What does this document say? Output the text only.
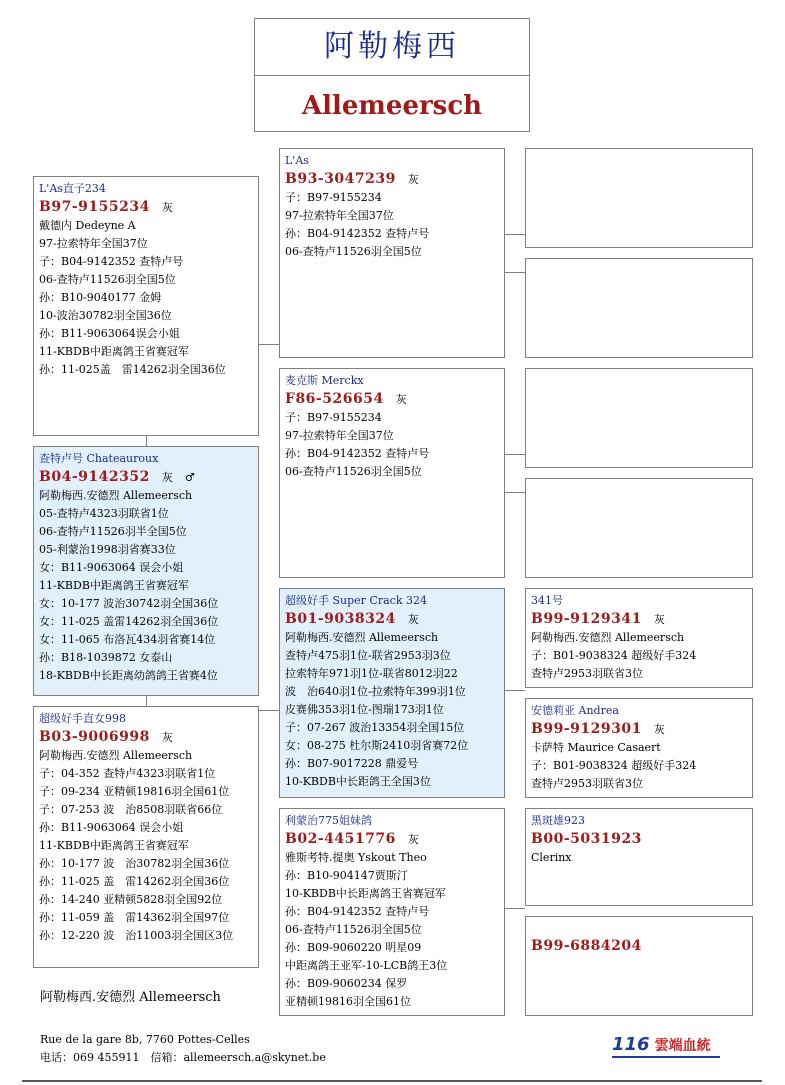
阿勒梅西
Allemeersch
L'As直子234
B97-9155234 灰
戴德内 Dedeyne A
97-拉索特年全国37位
子：B04-9142352 查特卢号
06-查特卢11526羽全国5位
孙：B10-9040177 金姆
10-波治30782羽全国36位
孙：B11-9063064误会小姐
11-KBDB中距离鸽王省赛冠军
孙：11-025盖　雷14262羽全国36位
查特卢号 Chateauroux
B04-9142352 灰 ♂
阿勒梅西.安德烈 Allemeersch
05-查特卢4323羽联省1位
06-查特卢11526羽半全国5位
05-利蒙治1998羽省赛33位
女：B11-9063064 误会小姐
11-KBDB中距离鸽王省赛冠军
女：10-177 波治30742羽全国36位
女：11-025 盖雷14262羽全国36位
女：11-065 布洛瓦434羽省赛14位
孙：B18-1039872 女泰山
18-KBDB中长距离幼鸽鸽王省赛4位
超级好手直女998
B03-9006998 灰
阿勒梅西.安德烈 Allemeersch
子：04-352 查特卢4323羽联省1位
子：09-234 亚精顿19816羽全国61位
子：07-253 波　治8508羽联省66位
孙：B11-9063064 误会小姐
11-KBDB中距离鸽王省赛冠军
孙：10-177 波　治30782羽全国36位
孙：11-025 盖　雷14262羽全国36位
孙：14-240 亚精顿5828羽全国92位
孙：11-059 盖　雷14362羽全国97位
孙：12-220 波　治11003羽全国区3位
L'As
B93-3047239 灰
子：B97-9155234
97-拉索特年全国37位
孙：B04-9142352 查特卢号
06-查特卢11526羽全国5位
麦克斯 Merckx
F86-526654 灰
子：B97-9155234
97-拉索特年全国37位
孙：B04-9142352 查特卢号
06-查特卢11526羽全国5位
超级好手 Super Crack 324
B01-9038324 灰
阿勒梅西.安德烈 Allemeersch
查特卢475羽1位-联省2953羽3位
拉索特年971羽1位-联省8012羽22
波　治640羽1位-拉索特年399羽1位
皮赛佛353羽1位-图瑞173羽1位
子：07-267 波治13354羽全国15位
女：08-275 杜尔斯2410羽省赛72位
孙：B07-9017228 鼎爱号
10-KBDB中长距鸽王全国3位
利蒙治775姐妹鸽
B02-4451776 灰
雅斯考特.提奥 Yskout Theo
孙：B10-904147贾斯汀
10-KBDB中长距离鸽王省赛冠军
孙：B04-9142352 查特卢号
06-查特卢11526羽全国5位
孙：B09-9060220 明星09
中距离鸽王亚军-10-LCB鸽王3位
孙：B09-9060234 保罗
亚精顿19816羽全国61位
341号
B99-9129341 灰
阿勒梅西.安德烈 Allemeersch
子：B01-9038324 超级好手324
查特卢2953羽联省3位
安德莉亚 Andrea
B99-9129301 灰
卡萨特 Maurice Casaert
子：B01-9038324 超级好手324
查特卢2953羽联省3位
黑斑雄923
B00-5031923
Clerinx
B99-6884204
阿勒梅西.安德烈 Allemeersch
Rue de la gare 8b, 7760 Pottes-Celles
电话：069 455911　信箱：allemeersch.a@skynet.be
116 雲端血統
